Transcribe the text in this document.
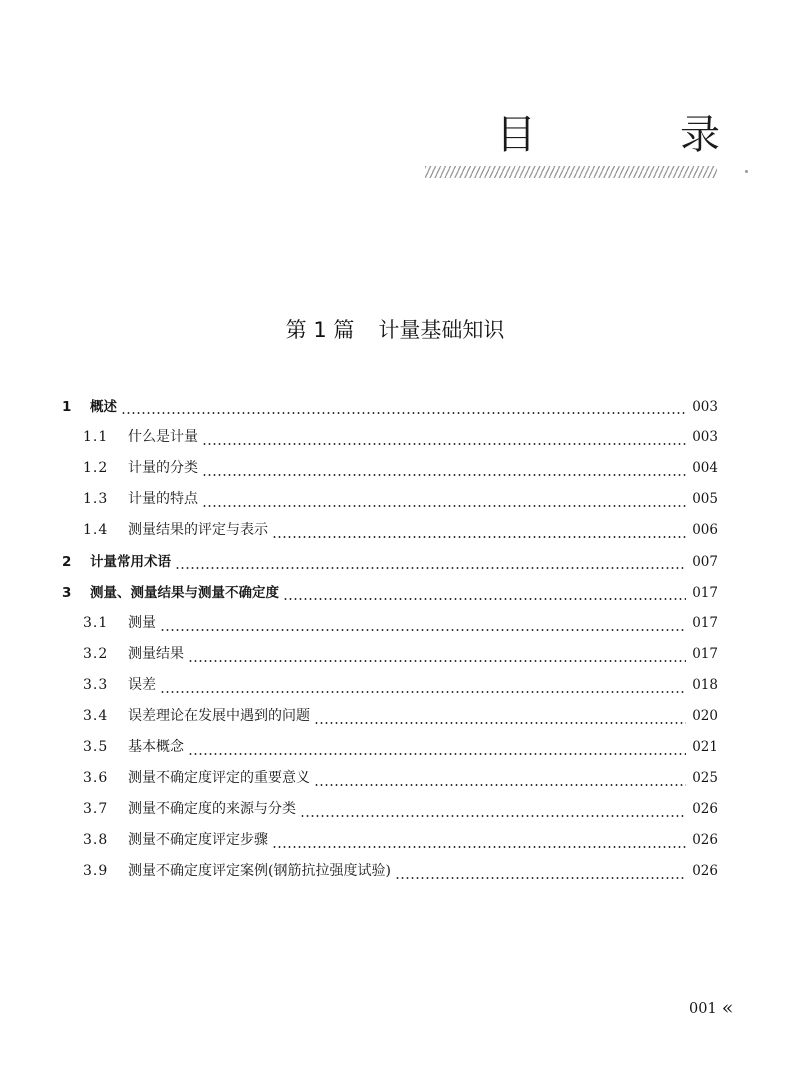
目　录
第 1 篇 计量基础知识
1	概述	003
1.1	什么是计量	003
1.2	计量的分类	004
1.3	计量的特点	005
1.4	测量结果的评定与表示	006
2	计量常用术语	007
3	测量、测量结果与测量不确定度	017
3.1	测量	017
3.2	测量结果	017
3.3	误差	018
3.4	误差理论在发展中遇到的问题	020
3.5	基本概念	021
3.6	测量不确定度评定的重要意义	025
3.7	测量不确定度的来源与分类	026
3.8	测量不确定度评定步骤	026
3.9	测量不确定度评定案例(钢筋抗拉强度试验)	026
001 «
